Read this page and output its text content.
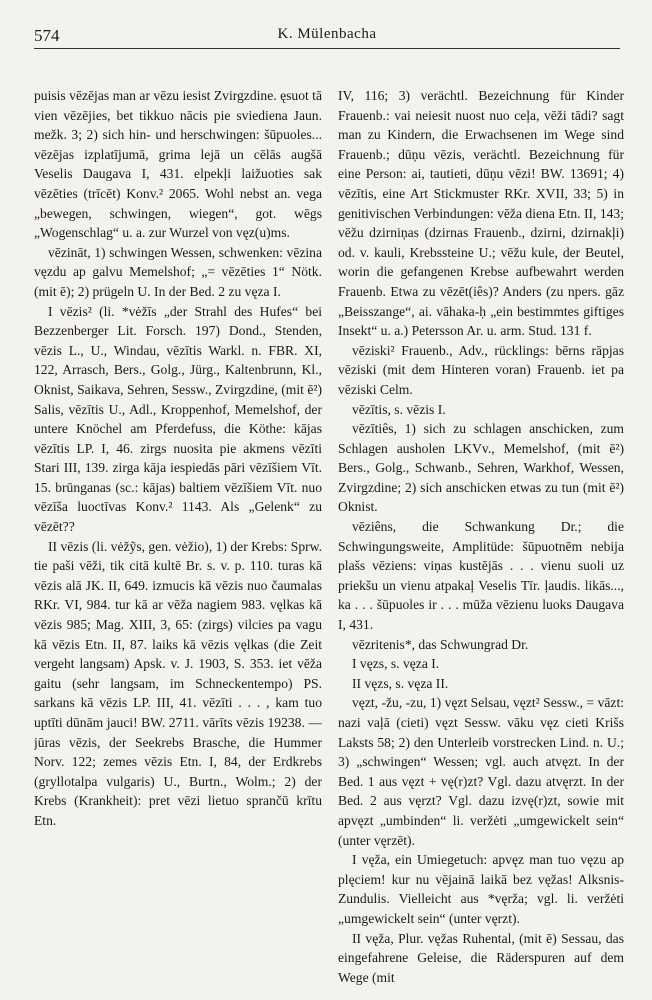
574	K. Mülenbacha

puisis vēzējas man ar vēzu iesist Zvirgzdine. ęsuot tā vien vēzējies, bet tikkuo nācis pie sviediena Jaun. mežk. 3; 2) sich hin- und herschwingen: šūpuoles... vēzējas izplatījumā, grima lejā un cēlās augšā Veselis Daugava I, 431. elpekļi laižuoties sak vēzēties (trīcēt) Konv.² 2065. Wohl nebst an. vega „bewegen, schwingen, wiegen“, got. wēgs „Wogenschlag“ u. a. zur Wurzel von vęz(u)ms.

vēzināt, 1) schwingen Wessen, schwenken: vēzina vęzdu ap galvu Memelshof; „= vēzēties 1“ Nötk. (mit ē); 2) prügeln U. In der Bed. 2 zu vęza I.

I vēzis² (li. *vėžīs „der Strahl des Hufes“ bei Bezzenberger Lit. Forsch. 197) Dond., Stenden, vēzis L., U., Windau, vēzītis Warkl. n. FBR. XI, 122, Arrasch, Bers., Golg., Jürg., Kaltenbrunn, Kl., Oknist, Saikava, Sehren, Sessw., Zvirgzdine, (mit ē²) Salis, vēzītis U., Adl., Kroppenhof, Memelshof, der untere Knöchel am Pferdefuss, die Köthe: kājas vēzītis LP. I, 46. zirgs nuosita pie akmens vēzīti Stari III, 139. zirga kāja iespiedās pāri vēzīšiem Vīt. 15. brūnganas (sc.: kājas) baltiem vēzīšiem Vīt. nuo vēzīša luoctīvas Konv.² 1143. Als „Gelenk“ zu vēzēt??

II vēzis (li. vėžỹs, gen. vėžio), 1) der Krebs: Sprw. tie paši vēži, tik citā kultē Br. s. v. p. 110. turas kā vēzis alā JK. II, 649. izmucis kā vēzis nuo čaumalas RKr. VI, 984. tur kā ar vēža nagiem 983. vęlkas kā vēzis 985; Mag. XIII, 3, 65: (zirgs) vilcies pa vagu kā vēzis Etn. II, 87. laiks kā vēzis vęlkas (die Zeit vergeht langsam) Apsk. v. J. 1903, S. 353. iet vēža gaitu (sehr langsam, im Schneckentempo) PS. sarkans kā vēzis LP. III, 41. vēzīti . . . , kam tuo uptīti dūnām jauci! BW. 2711. vārīts vēzis 19238. — jūras vēzis, der Seekrebs Brasche, die Hummer Norv. 122; zemes vēzis Etn. I, 84, der Erdkrebs (gryllotalpa vulgaris) U., Burtn., Wolm.; 2) der Krebs (Krankheit): pret vēzi lietuo sprančū krītu Etn.

IV, 116; 3) verächtl. Bezeichnung für Kinder Frauenb.: vai neiesit nuost nuo ceļa, vēži tādi? sagt man zu Kindern, die Erwachsenen im Wege sind Frauenb.; dūņu vēzis, verächtl. Bezeichnung für eine Person: ai, tautieti, dūņu vēzi! BW. 13691; 4) vēzītis, eine Art Stickmuster RKr. XVII, 33; 5) in genitivischen Verbindungen: vēža diena Etn. II, 143; vēžu dzirniņas (dzirnas Frauenb., dzirni, dzirnakļi) od. v. kauli, Krebssteine U.; vēžu kule, der Beutel, worin die gefangenen Krebse aufbewahrt werden Frauenb. Etwa zu vēzēt(iês)? Anders (zu npers. gāz „Beisszange“, ai. vāhaka-ḥ „ein bestimmtes giftiges Insekt“ u. a.) Petersson Ar. u. arm. Stud. 131 f.

vēziski² Frauenb., Adv., rücklings: bērns rāpjas vēziski (mit dem Hinteren voran) Frauenb. iet pa vēziski Celm.

vēzītis, s. vēzis I.

vēzītiês, 1) sich zu schlagen anschicken, zum Schlagen ausholen LKVv., Memelshof, (mit ē²) Bers., Golg., Schwanb., Sehren, Warkhof, Wessen, Zvirgzdine; 2) sich anschicken etwas zu tun (mit ē²) Oknist.

vēziêns, die Schwankung Dr.; die Schwingungsweite, Amplitüde: šūpuotnēm nebija plašs vēziens: viņas kustējās . . . vienu suoli uz priekšu un vienu atpakaļ Veselis Tīr. ļaudis. likās..., ka . . . šūpuoles ir . . . mūža vēzienu luoks Daugava I, 431.

vēzritenis*, das Schwungrad Dr.

I vęzs, s. vęza I.

II vęzs, s. vęza II.

vęzt, -žu, -zu, 1) vęzt Selsau, vęzt² Sessw., = vāzt: nazi vaļā (cieti) vęzt Sessw. vāku vęz cieti Krišs Laksts 58; 2) den Unterleib vorstrecken Lind. n. U.; 3) „schwingen“ Wessen; vgl. auch atvęzt. In der Bed. 1 aus vęzt + vę(r)zt? Vgl. dazu atvęrzt. In der Bed. 2 aus vęrzt? Vgl. dazu izvę(r)zt, sowie mit apvęzt „umbinden“ li. veržėti „umgewickelt sein“ (unter vęrzēt).

I vęža, ein Umiegetuch: apvęz man tuo vęzu ap plęciem! kur nu vējainā laikā bez vęžas! Alksnis-Zundulis. Vielleicht aus *vęrža; vgl. li. veržėti „umgewickelt sein“ (unter vęrzt).

II vęža, Plur. vęžas Ruhental, (mit ē) Sessau, das eingefahrene Geleise, die Räderspuren auf dem Wege (mit
